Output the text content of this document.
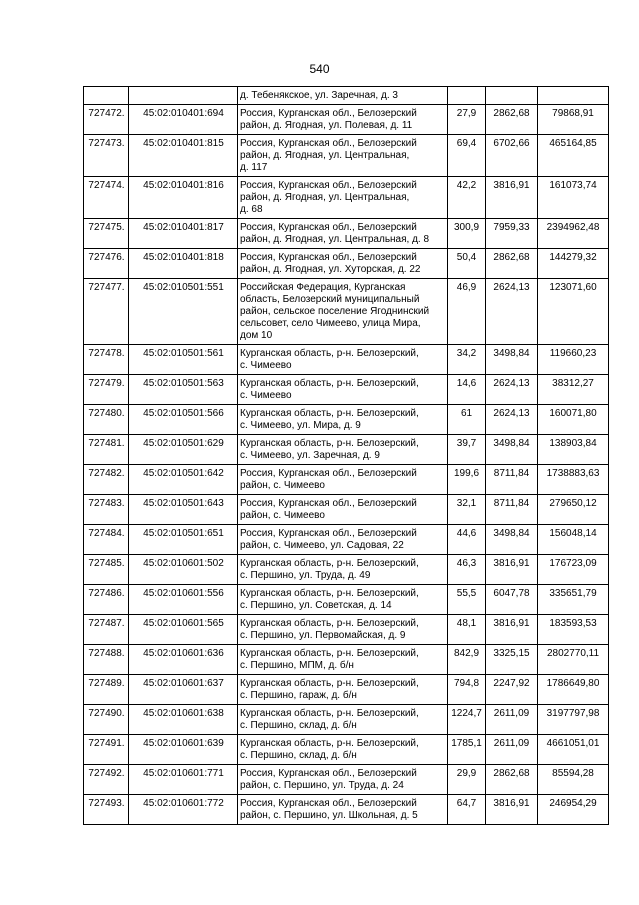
540
		д. Тебенякское, ул. Заречная, д. 3			
727472.	45:02:010401:694	Россия, Курганская обл., Белозерский
район, д. Ягодная, ул. Полевая, д. 11	27,9	2862,68	79868,91
727473.	45:02:010401:815	Россия, Курганская обл., Белозерский
район, д. Ягодная, ул. Центральная,
д. 117	69,4	6702,66	465164,85
727474.	45:02:010401:816	Россия, Курганская обл., Белозерский
район, д. Ягодная, ул. Центральная,
д. 68	42,2	3816,91	161073,74
727475.	45:02:010401:817	Россия, Курганская обл., Белозерский
район, д. Ягодная, ул. Центральная, д. 8	300,9	7959,33	2394962,48
727476.	45:02:010401:818	Россия, Курганская обл., Белозерский
район, д. Ягодная, ул. Хуторская, д. 22	50,4	2862,68	144279,32
727477.	45:02:010501:551	Российская Федерация, Курганская
область, Белозерский муниципальный
район, сельское поселение Ягоднинский
сельсовет, село Чимеево, улица Мира,
дом 10	46,9	2624,13	123071,60
727478.	45:02:010501:561	Курганская область, р-н. Белозерский,
с. Чимеево	34,2	3498,84	119660,23
727479.	45:02:010501:563	Курганская область, р-н. Белозерский,
с. Чимеево	14,6	2624,13	38312,27
727480.	45:02:010501:566	Курганская область, р-н. Белозерский,
с. Чимеево, ул. Мира, д. 9	61	2624,13	160071,80
727481.	45:02:010501:629	Курганская область, р-н. Белозерский,
с. Чимеево, ул. Заречная, д. 9	39,7	3498,84	138903,84
727482.	45:02:010501:642	Россия, Курганская обл., Белозерский
район, с. Чимеево	199,6	8711,84	1738883,63
727483.	45:02:010501:643	Россия, Курганская обл., Белозерский
район, с. Чимеево	32,1	8711,84	279650,12
727484.	45:02:010501:651	Россия, Курганская обл., Белозерский
район, с. Чимеево, ул. Садовая, 22	44,6	3498,84	156048,14
727485.	45:02:010601:502	Курганская область, р-н. Белозерский,
с. Першино, ул. Труда, д. 49	46,3	3816,91	176723,09
727486.	45:02:010601:556	Курганская область, р-н. Белозерский,
с. Першино, ул. Советская, д. 14	55,5	6047,78	335651,79
727487.	45:02:010601:565	Курганская область, р-н. Белозерский,
с. Першино, ул. Первомайская, д. 9	48,1	3816,91	183593,53
727488.	45:02:010601:636	Курганская область, р-н. Белозерский,
с. Першино, МПМ, д. б/н	842,9	3325,15	2802770,11
727489.	45:02:010601:637	Курганская область, р-н. Белозерский,
с. Першино, гараж, д. б/н	794,8	2247,92	1786649,80
727490.	45:02:010601:638	Курганская область, р-н. Белозерский,
с. Першино, склад, д. б/н	1224,7	2611,09	3197797,98
727491.	45:02:010601:639	Курганская область, р-н. Белозерский,
с. Першино, склад, д. б/н	1785,1	2611,09	4661051,01
727492.	45:02:010601:771	Россия, Курганская обл., Белозерский
район, с. Першино, ул. Труда, д. 24	29,9	2862,68	85594,28
727493.	45:02:010601:772	Россия, Курганская обл., Белозерский
район, с. Першино, ул. Школьная, д. 5	64,7	3816,91	246954,29
